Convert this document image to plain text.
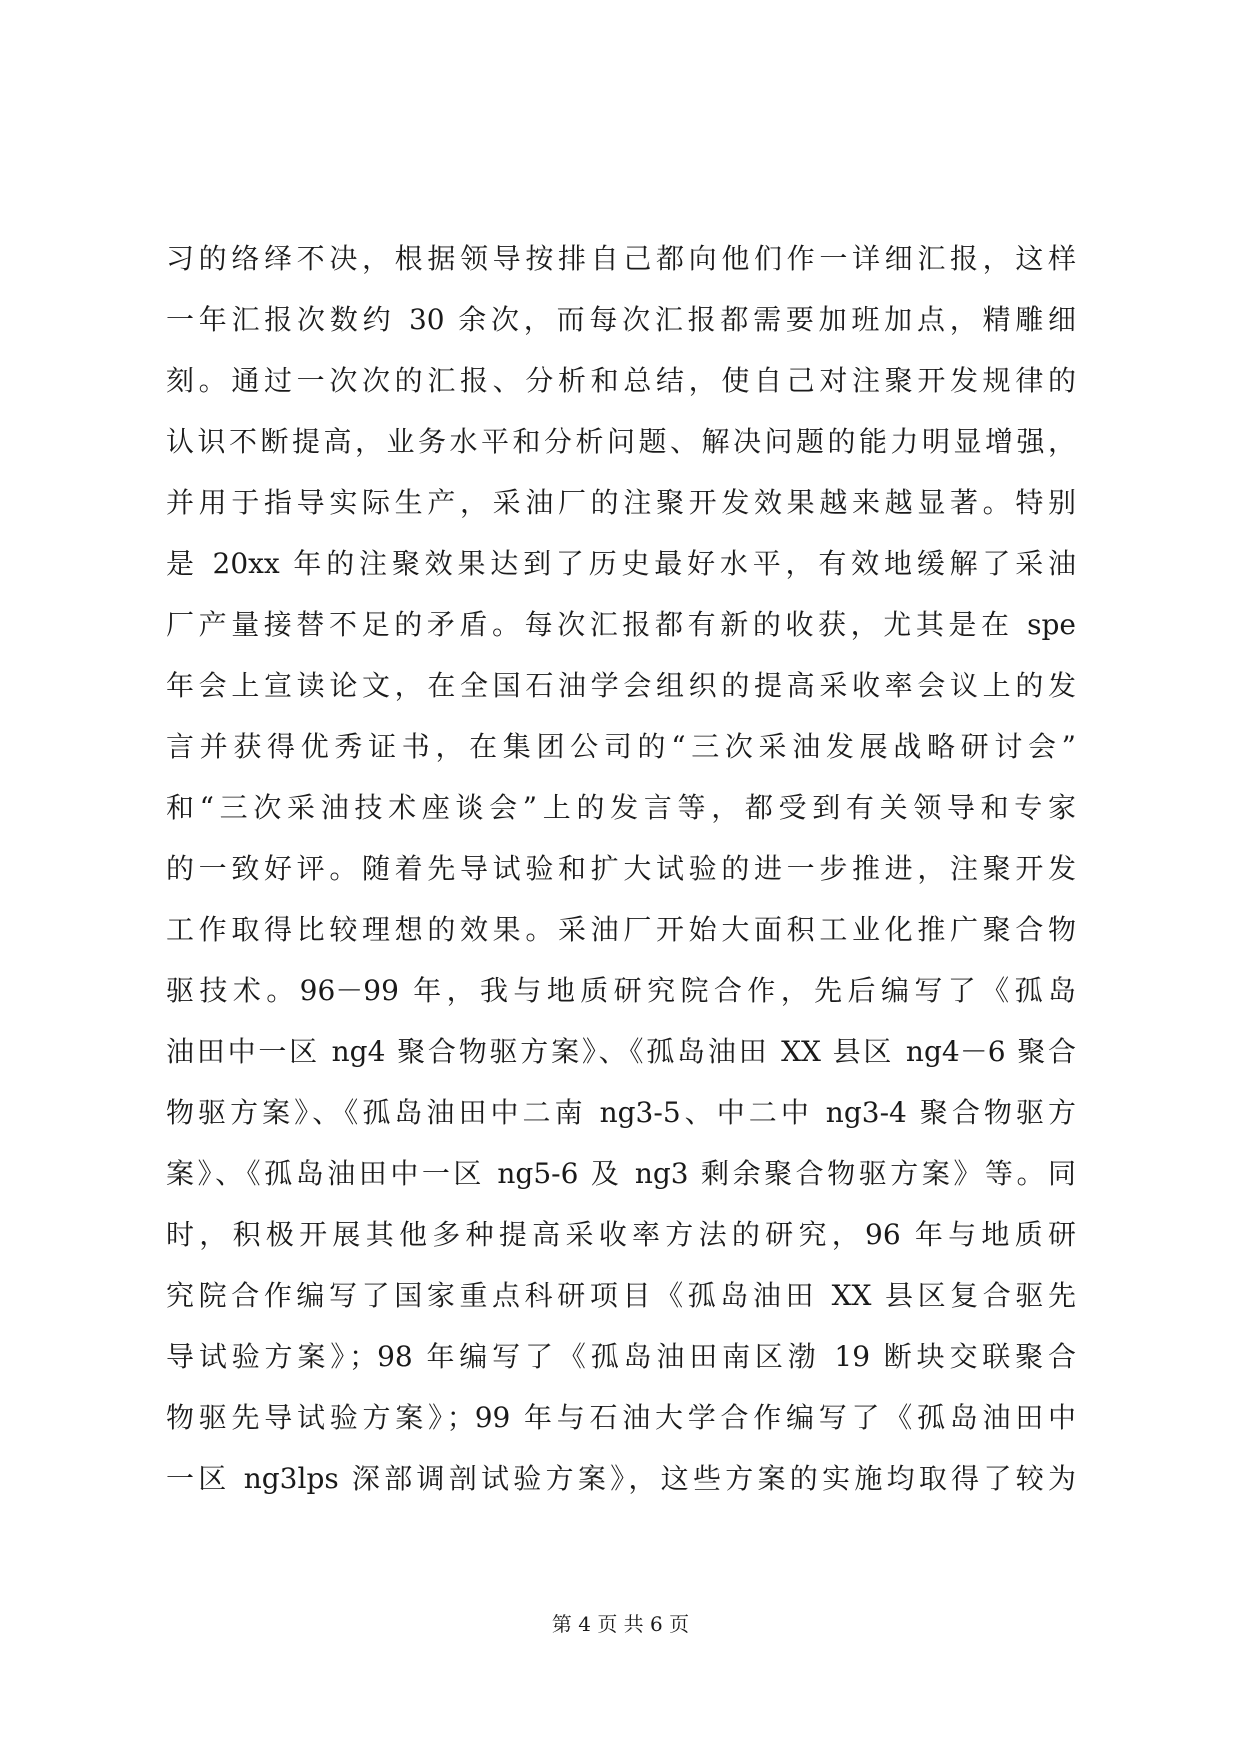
习的络绎不决，根据领导按排自己都向他们作一详细汇报，这样
一年汇报次数约 30 余次，而每次汇报都需要加班加点，精雕细
刻。通过一次次的汇报、分析和总结，使自己对注聚开发规律的
认识不断提高，业务水平和分析问题、解决问题的能力明显增强，
并用于指导实际生产，采油厂的注聚开发效果越来越显著。特别
是 20xx 年的注聚效果达到了历史最好水平，有效地缓解了采油
厂产量接替不足的矛盾。每次汇报都有新的收获，尤其是在 spe
年会上宣读论文，在全国石油学会组织的提高采收率会议上的发
言并获得优秀证书，在集团公司的“三次采油发展战略研讨会”
和“三次采油技术座谈会”上的发言等，都受到有关领导和专家
的一致好评。随着先导试验和扩大试验的进一步推进，注聚开发
工作取得比较理想的效果。采油厂开始大面积工业化推广聚合物
驱技术。96－99 年，我与地质研究院合作，先后编写了《孤岛
油田中一区 ng4 聚合物驱方案》、《孤岛油田 XX 县区 ng4－6 聚合
物驱方案》、《孤岛油田中二南 ng3-5、中二中 ng3-4 聚合物驱方
案》、《孤岛油田中一区 ng5-6 及 ng3 剩余聚合物驱方案》等。同
时，积极开展其他多种提高采收率方法的研究，96 年与地质研
究院合作编写了国家重点科研项目《孤岛油田 XX 县区复合驱先
导试验方案》；98 年编写了《孤岛油田南区渤 19 断块交联聚合
物驱先导试验方案》；99 年与石油大学合作编写了《孤岛油田中
一区 ng3lps 深部调剖试验方案》，这些方案的实施均取得了较为
第 4 页 共 6 页
